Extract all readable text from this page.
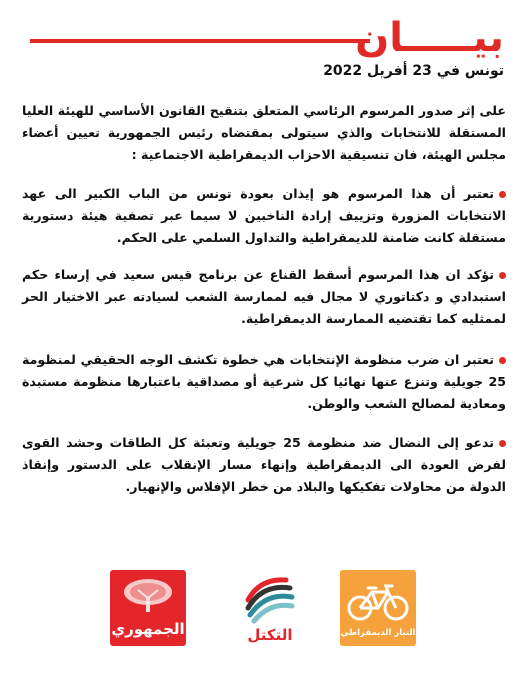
بيـــــان
تونس في 23 أفريل 2022
على إثر صدور المرسوم الرئاسي المتعلق بتنقيح القانون الأساسي للهيئة العليا المستقلة للانتخابات والذي سيتولى بمقتضاه رئيس الجمهورية تعيين أعضاء مجلس الهيئة، فان تنسيقية الاحزاب الديمقراطية الاجتماعية :
تعتبر أن هذا المرسوم هو إيذان بعودة تونس من الباب الكبير الى عهد الانتخابات المزورة وتزييف إرادة الناخبين لا سيما عبر تصفية هيئة دستورية مستقلة كانت ضامنة للديمقراطية والتداول السلمي على الحكم.
تؤكد ان هذا المرسوم أسقط القناع عن برنامج قيس سعيد في إرساء حكم استبدادي و دكتاتوري لا مجال فيه لممارسة الشعب لسيادته عبر الاختيار الحر لممثليه كما تقتضيه الممارسة الديمقراطية.
تعتبر ان ضرب منظومة الإنتخابات هي خطوة تكشف الوجه الحقيقي لمنظومة 25 جويلية وتنزع عنها نهائيا كل شرعية أو مصداقية باعتبارها منظومة مستبدة ومعادية لمصالح الشعب والوطن.
تدعو إلى النضال ضد منظومة 25 جويلية وتعبئة كل الطاقات وحشد القوى لفرض العودة الى الديمقراطية وإنهاء مسار الإنقلاب على الدستور وإنقاذ الدولة من محاولات تفكيكها والبلاد من خطر الإفلاس والإنهيار.
الجمهوري	التكتل	التيار الديمقراطي
